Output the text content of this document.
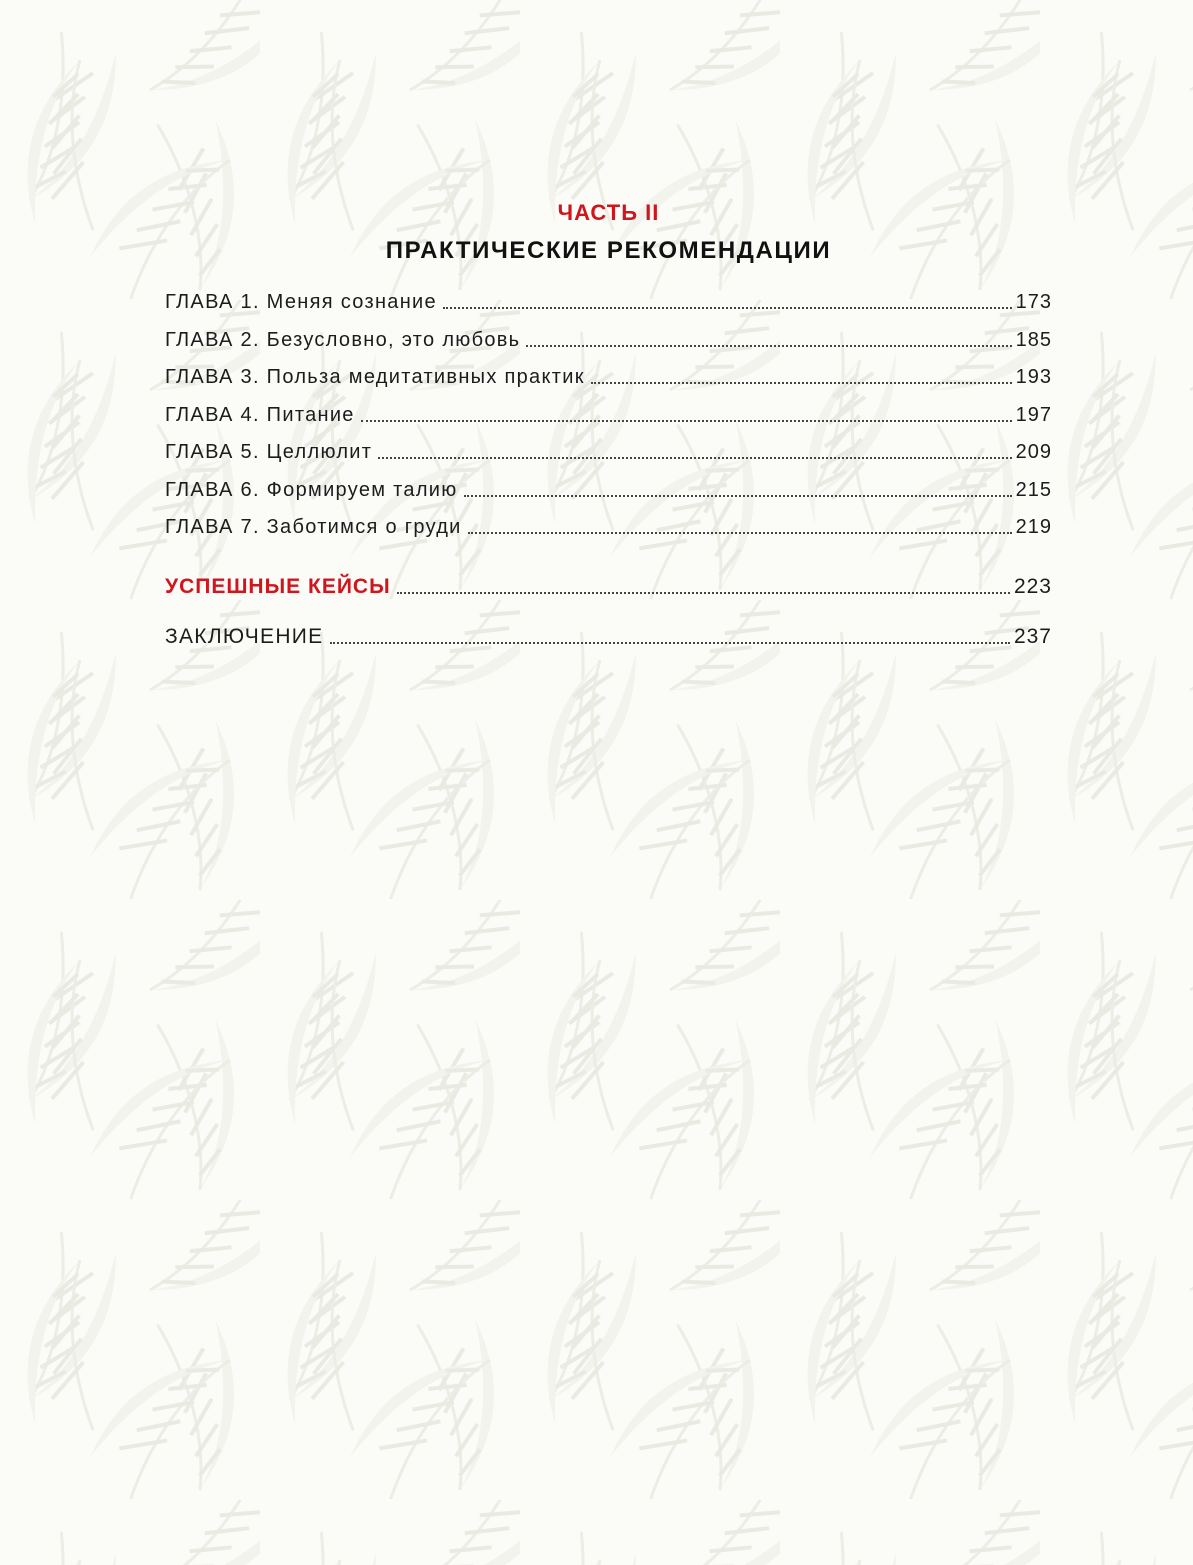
ЧАСТЬ II
ПРАКТИЧЕСКИЕ РЕКОМЕНДАЦИИ
ГЛАВА 1. Меняя сознание	173
ГЛАВА 2. Безусловно, это любовь	185
ГЛАВА 3. Польза медитативных практик	193
ГЛАВА 4. Питание	197
ГЛАВА 5. Целлюлит	209
ГЛАВА 6. Формируем талию	215
ГЛАВА 7. Заботимся о груди	219
УСПЕШНЫЕ КЕЙСЫ	223
ЗАКЛЮЧЕНИЕ	237
